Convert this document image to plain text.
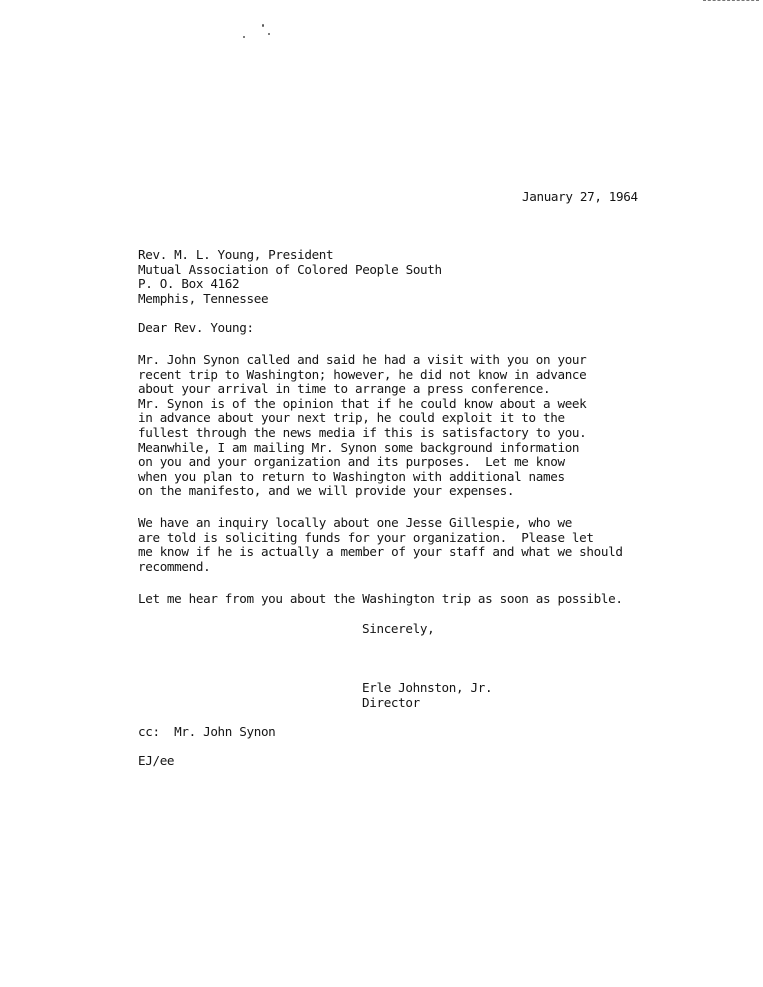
January 27, 1964

Rev. M. L. Young, President
Mutual Association of Colored People South
P. O. Box 4162
Memphis, Tennessee
Dear Rev. Young:
Mr. John Synon called and said he had a visit with you on your
recent trip to Washington; however, he did not know in advance
about your arrival in time to arrange a press conference.
Mr. Synon is of the opinion that if he could know about a week
in advance about your next trip, he could exploit it to the
fullest through the news media if this is satisfactory to you.
Meanwhile, I am mailing Mr. Synon some background information
on you and your organization and its purposes.  Let me know
when you plan to return to Washington with additional names
on the manifesto, and we will provide your expenses.
We have an inquiry locally about one Jesse Gillespie, who we
are told is soliciting funds for your organization.  Please let
me know if he is actually a member of your staff and what we should
recommend.
Let me hear from you about the Washington trip as soon as possible.

Sincerely,

Erle Johnston, Jr.
Director
cc:  Mr. John Synon
EJ/ee
